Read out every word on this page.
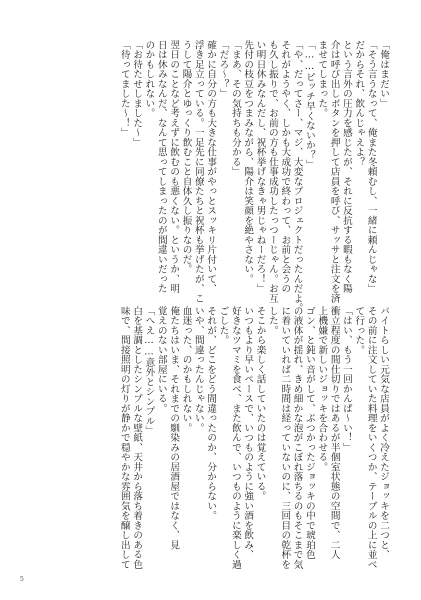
「俺はまだい」
「そう言うなって、俺また冬頼むし、一緒に頼んじゃな」
だからそれ、飲んじゃえよ？
という言外の圧力を感じたが、それに反抗する暇もなく陽
介は呼び出しボタンを押して店員を呼び、サッサと注文を済
ませてしまった。
「……ピッチ早くないか？」
「や、だってさー、マジ、大変なプロジェクトだったんだよ。
それがようやく、しかも大成功で終わって、お前と会うの
も久し振りで、お前の方も仕事成功したっつーじゃん。お互
い明日休みなんだし、祝杯挙げなきゃ男じゃねーだろ！」
先付の枝豆をつまみながら、陽介は笑顔を絶やさない。
「まあ、その気持ちも分かる」
「だろ～？」
確かに自分の方も大きな仕事がやっとスッキリ片付いて、
浮き足立っている。一足先に同僚たちと祝杯も挙げたが、こ
うして陽介とゆっくり飲むこと自体久し振りなのだ。
翌日のことなど考えずに飲むのも悪くない。というか、明
日は休みなんだ、なんて思ってしまったのが間違いだった
のかもしれない。
「お待たせしました～」
「待ってました～！」
バイトらしい元気な店員がよく冷えたジョッキを二つと、
その前に注文していた料理をいくつか、テーブルの上に並べ
て行った。
「はい、もう一回かんぱ～い！」
衝立程度の間仕切りではあるが半個室状態の空間で、二人
上機嫌で新しいジョッキを合わせる。
ゴン、と鈍い音がして、ぶつかったジョッキの中で琥珀色
の液体が揺れ、きめ細かな泡がこぼれ落ちるのもそこまで気
に着いていれば二時間は経っていないのに、三回目の乾杯を
した。
そこから楽しく話していたのは覚えている。
いつもより早いペースで、いつものように強い酒を飲み、
好きなツマミを食べ、また飲んで、いつものように楽しく過
ごした。
それが、どこをどう間違ったのか、分からない。
いや、間違ったんじゃない。
血迷った、のかもしれない。
俺たちはいま、それまでの馴染みの居酒屋ではなく、見
覚えのない部屋にいる。
「へえ……意外とシンプル」
白を基調としたシンプルな壁紙、天井から落ち着きのある色
味で、間接照明の灯りが静かで穏やかな雰囲気を醸し出して
5
